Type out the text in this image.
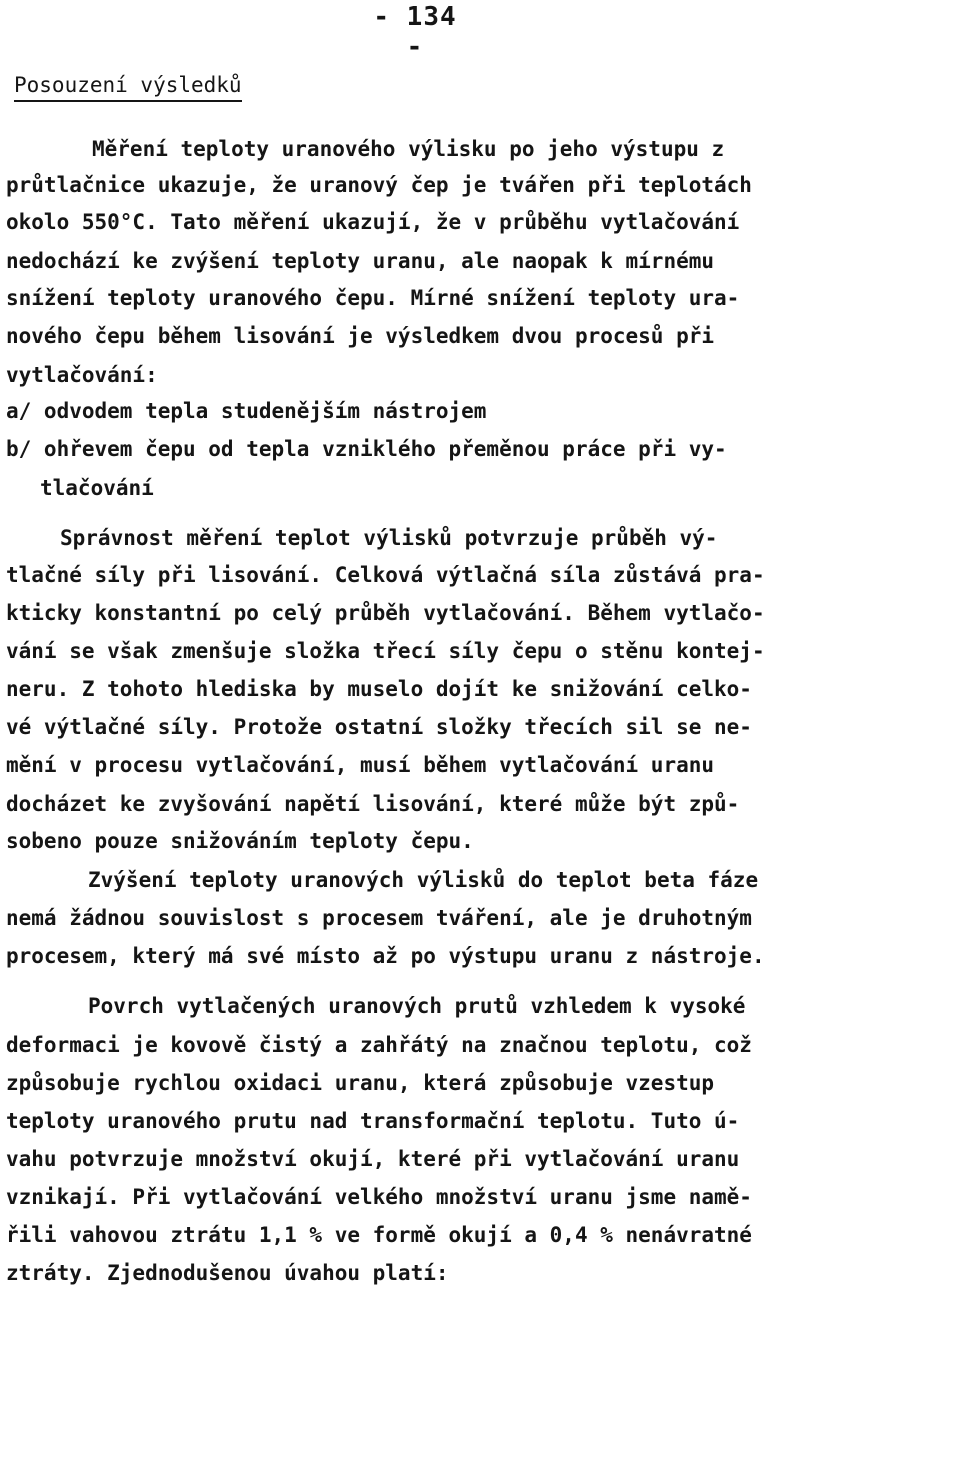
- 134 -
Posouzení výsledků
Měření teploty uranového výlisku po jeho výstupu z
průtlačnice ukazuje, že uranový čep je tvářen při teplotách
okolo 550°C. Tato měření ukazují, že v průběhu vytlačování
nedochází ke zvýšení teploty uranu, ale naopak k mírnému
snížení teploty uranového čepu. Mírné snížení teploty ura-
nového čepu během lisování je výsledkem dvou procesů při
vytlačování:
a/ odvodem tepla studenějším nástrojem
b/ ohřevem čepu od tepla vzniklého přeměnou práce při vy-
tlačování
Správnost měření teplot výlisků potvrzuje průběh vý-
tlačné síly při lisování. Celková výtlačná síla zůstává pra-
kticky konstantní po celý průběh vytlačování. Během vytlačo-
vání se však zmenšuje složka třecí síly čepu o stěnu kontej-
neru. Z tohoto hlediska by muselo dojít ke snižování celko-
vé výtlačné síly. Protože ostatní složky třecích sil se ne-
mění v procesu vytlačování, musí během vytlačování uranu
docházet ke zvyšování napětí lisování, které může být způ-
sobeno pouze snižováním teploty čepu.
Zvýšení teploty uranových výlisků do teplot beta fáze
nemá žádnou souvislost s procesem tváření, ale je druhotným
procesem, který má své místo až po výstupu uranu z nástroje.
Povrch vytlačených uranových prutů vzhledem k vysoké
deformaci je kovově čistý a zahřátý na značnou teplotu, což
způsobuje rychlou oxidaci uranu, která způsobuje vzestup
teploty uranového prutu nad transformační teplotu. Tuto ú-
vahu potvrzuje množství okují, které při vytlačování uranu
vznikají. Při vytlačování velkého množství uranu jsme namě-
řili vahovou ztrátu 1,1 % ve formě okují a 0,4 % nenávratné
ztráty. Zjednodušenou úvahou platí:
